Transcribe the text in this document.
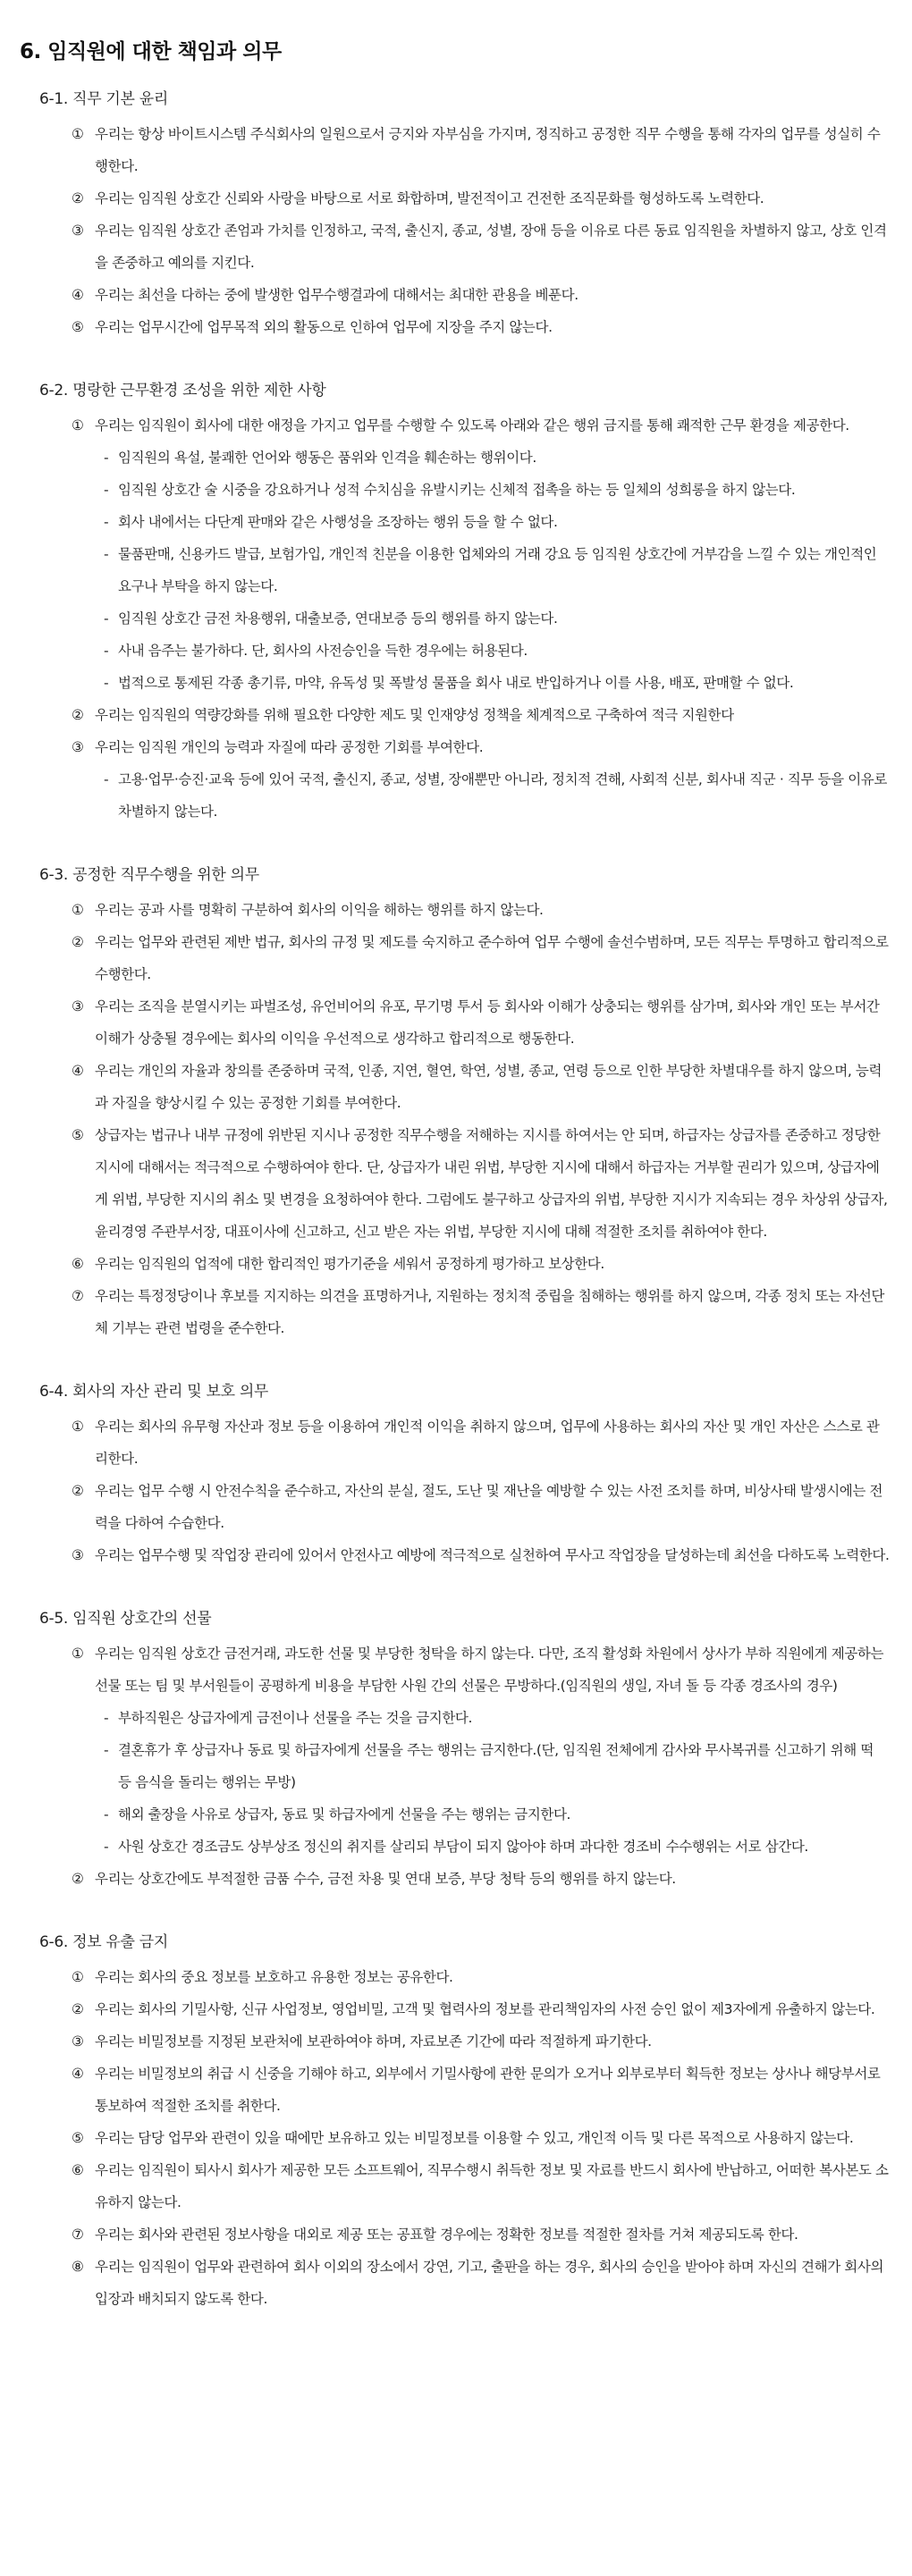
6. 임직원에 대한 책임과 의무
6-1. 직무 기본 윤리
① 우리는 항상 바이트시스템 주식회사의 일원으로서 긍지와 자부심을 가지며, 정직하고 공정한 직무 수행을 통해 각자의 업무를 성실히 수행한다.
② 우리는 임직원 상호간 신뢰와 사랑을 바탕으로 서로 화합하며, 발전적이고 건전한 조직문화를 형성하도록 노력한다.
③ 우리는 임직원 상호간 존엄과 가치를 인정하고, 국적, 출신지, 종교, 성별, 장애 등을 이유로 다른 동료 임직원을 차별하지 않고, 상호 인격을 존중하고 예의를 지킨다.
④ 우리는 최선을 다하는 중에 발생한 업무수행결과에 대해서는 최대한 관용을 베푼다.
⑤ 우리는 업무시간에 업무목적 외의 활동으로 인하여 업무에 지장을 주지 않는다.
6-2. 명랑한 근무환경 조성을 위한 제한 사항
① 우리는 임직원이 회사에 대한 애정을 가지고 업무를 수행할 수 있도록 아래와 같은 행위 금지를 통해 쾌적한 근무 환경을 제공한다.
- 임직원의 욕설, 불쾌한 언어와 행동은 품위와 인격을 훼손하는 행위이다.
- 임직원 상호간 술 시중을 강요하거나 성적 수치심을 유발시키는 신체적 접촉을 하는 등 일체의 성희롱을 하지 않는다.
- 회사 내에서는 다단계 판매와 같은 사행성을 조장하는 행위 등을 할 수 없다.
- 물품판매, 신용카드 발급, 보험가입, 개인적 친분을 이용한 업체와의 거래 강요 등 임직원 상호간에 거부감을 느낄 수 있는 개인적인 요구나 부탁을 하지 않는다.
- 임직원 상호간 금전 차용행위, 대출보증, 연대보증 등의 행위를 하지 않는다.
- 사내 음주는 불가하다. 단, 회사의 사전승인을 득한 경우에는 허용된다.
- 법적으로 통제된 각종 총기류, 마약, 유독성 및 폭발성 물품을 회사 내로 반입하거나 이를 사용, 배포, 판매할 수 없다.
② 우리는 임직원의 역량강화를 위해 필요한 다양한 제도 및 인재양성 정책을 체계적으로 구축하여 적극 지원한다
③ 우리는 임직원 개인의 능력과 자질에 따라 공정한 기회를 부여한다.
- 고용·업무·승진·교육 등에 있어 국적, 출신지, 종교, 성별, 장애뿐만 아니라, 정치적 견해, 사회적 신분, 회사내 직군 · 직무 등을 이유로 차별하지 않는다.
6-3. 공정한 직무수행을 위한 의무
① 우리는 공과 사를 명확히 구분하여 회사의 이익을 해하는 행위를 하지 않는다.
② 우리는 업무와 관련된 제반 법규, 회사의 규정 및 제도를 숙지하고 준수하여 업무 수행에 솔선수범하며, 모든 직무는 투명하고 합리적으로 수행한다.
③ 우리는 조직을 분열시키는 파벌조성, 유언비어의 유포, 무기명 투서 등 회사와 이해가 상충되는 행위를 삼가며, 회사와 개인 또는 부서간 이해가 상충될 경우에는 회사의 이익을 우선적으로 생각하고 합리적으로 행동한다.
④ 우리는 개인의 자율과 창의를 존중하며 국적, 인종, 지연, 혈연, 학연, 성별, 종교, 연령 등으로 인한 부당한 차별대우를 하지 않으며, 능력과 자질을 향상시킬 수 있는 공정한 기회를 부여한다.
⑤ 상급자는 법규나 내부 규정에 위반된 지시나 공정한 직무수행을 저해하는 지시를 하여서는 안 되며, 하급자는 상급자를 존중하고 정당한 지시에 대해서는 적극적으로 수행하여야 한다. 단, 상급자가 내린 위법, 부당한 지시에 대해서 하급자는 거부할 권리가 있으며, 상급자에게 위법, 부당한 지시의 취소 및 변경을 요청하여야 한다. 그럼에도 불구하고 상급자의 위법, 부당한 지시가 지속되는 경우 차상위 상급자, 윤리경영 주관부서장, 대표이사에 신고하고, 신고 받은 자는 위법, 부당한 지시에 대해 적절한 조치를 취하여야 한다.
⑥ 우리는 임직원의 업적에 대한 합리적인 평가기준을 세워서 공정하게 평가하고 보상한다.
⑦ 우리는 특정정당이나 후보를 지지하는 의견을 표명하거나, 지원하는 정치적 중립을 침해하는 행위를 하지 않으며, 각종 정치 또는 자선단체 기부는 관련 법령을 준수한다.
6-4. 회사의 자산 관리 및 보호 의무
① 우리는 회사의 유무형 자산과 정보 등을 이용하여 개인적 이익을 취하지 않으며, 업무에 사용하는 회사의 자산 및 개인 자산은 스스로 관리한다.
② 우리는 업무 수행 시 안전수칙을 준수하고, 자산의 분실, 절도, 도난 및 재난을 예방할 수 있는 사전 조치를 하며, 비상사태 발생시에는 전력을 다하여 수습한다.
③ 우리는 업무수행 및 작업장 관리에 있어서 안전사고 예방에 적극적으로 실천하여 무사고 작업장을 달성하는데 최선을 다하도록 노력한다.
6-5. 임직원 상호간의 선물
① 우리는 임직원 상호간 금전거래, 과도한 선물 및 부당한 청탁을 하지 않는다. 다만, 조직 활성화 차원에서 상사가 부하 직원에게 제공하는 선물 또는 팀 및 부서원들이 공평하게 비용을 부담한 사원 간의 선물은 무방하다.(임직원의 생일, 자녀 돌 등 각종 경조사의 경우)
- 부하직원은 상급자에게 금전이나 선물을 주는 것을 금지한다.
- 결혼휴가 후 상급자나 동료 및 하급자에게 선물을 주는 행위는 금지한다.(단, 임직원 전체에게 감사와 무사복귀를 신고하기 위해 떡 등 음식을 돌리는 행위는 무방)
- 해외 출장을 사유로 상급자, 동료 및 하급자에게 선물을 주는 행위는 금지한다.
- 사원 상호간 경조금도 상부상조 정신의 취지를 살리되 부담이 되지 않아야 하며 과다한 경조비 수수행위는 서로 삼간다.
② 우리는 상호간에도 부적절한 금품 수수, 금전 차용 및 연대 보증, 부당 청탁 등의 행위를 하지 않는다.
6-6. 정보 유출 금지
① 우리는 회사의 중요 정보를 보호하고 유용한 정보는 공유한다.
② 우리는 회사의 기밀사항, 신규 사업정보, 영업비밀, 고객 및 협력사의 정보를 관리책임자의 사전 승인 없이 제3자에게 유출하지 않는다.
③ 우리는 비밀정보를 지정된 보관처에 보관하여야 하며, 자료보존 기간에 따라 적절하게 파기한다.
④ 우리는 비밀정보의 취급 시 신중을 기해야 하고, 외부에서 기밀사항에 관한 문의가 오거나 외부로부터 획득한 정보는 상사나 해당부서로 통보하여 적절한 조치를 취한다.
⑤ 우리는 담당 업무와 관련이 있을 때에만 보유하고 있는 비밀정보를 이용할 수 있고, 개인적 이득 및 다른 목적으로 사용하지 않는다.
⑥ 우리는 임직원이 퇴사시 회사가 제공한 모든 소프트웨어, 직무수행시 취득한 정보 및 자료를 반드시 회사에 반납하고, 어떠한 복사본도 소유하지 않는다.
⑦ 우리는 회사와 관련된 정보사항을 대외로 제공 또는 공표할 경우에는 정확한 정보를 적절한 절차를 거쳐 제공되도록 한다.
⑧ 우리는 임직원이 업무와 관련하여 회사 이외의 장소에서 강연, 기고, 출판을 하는 경우, 회사의 승인을 받아야 하며 자신의 견해가 회사의 입장과 배치되지 않도록 한다.
